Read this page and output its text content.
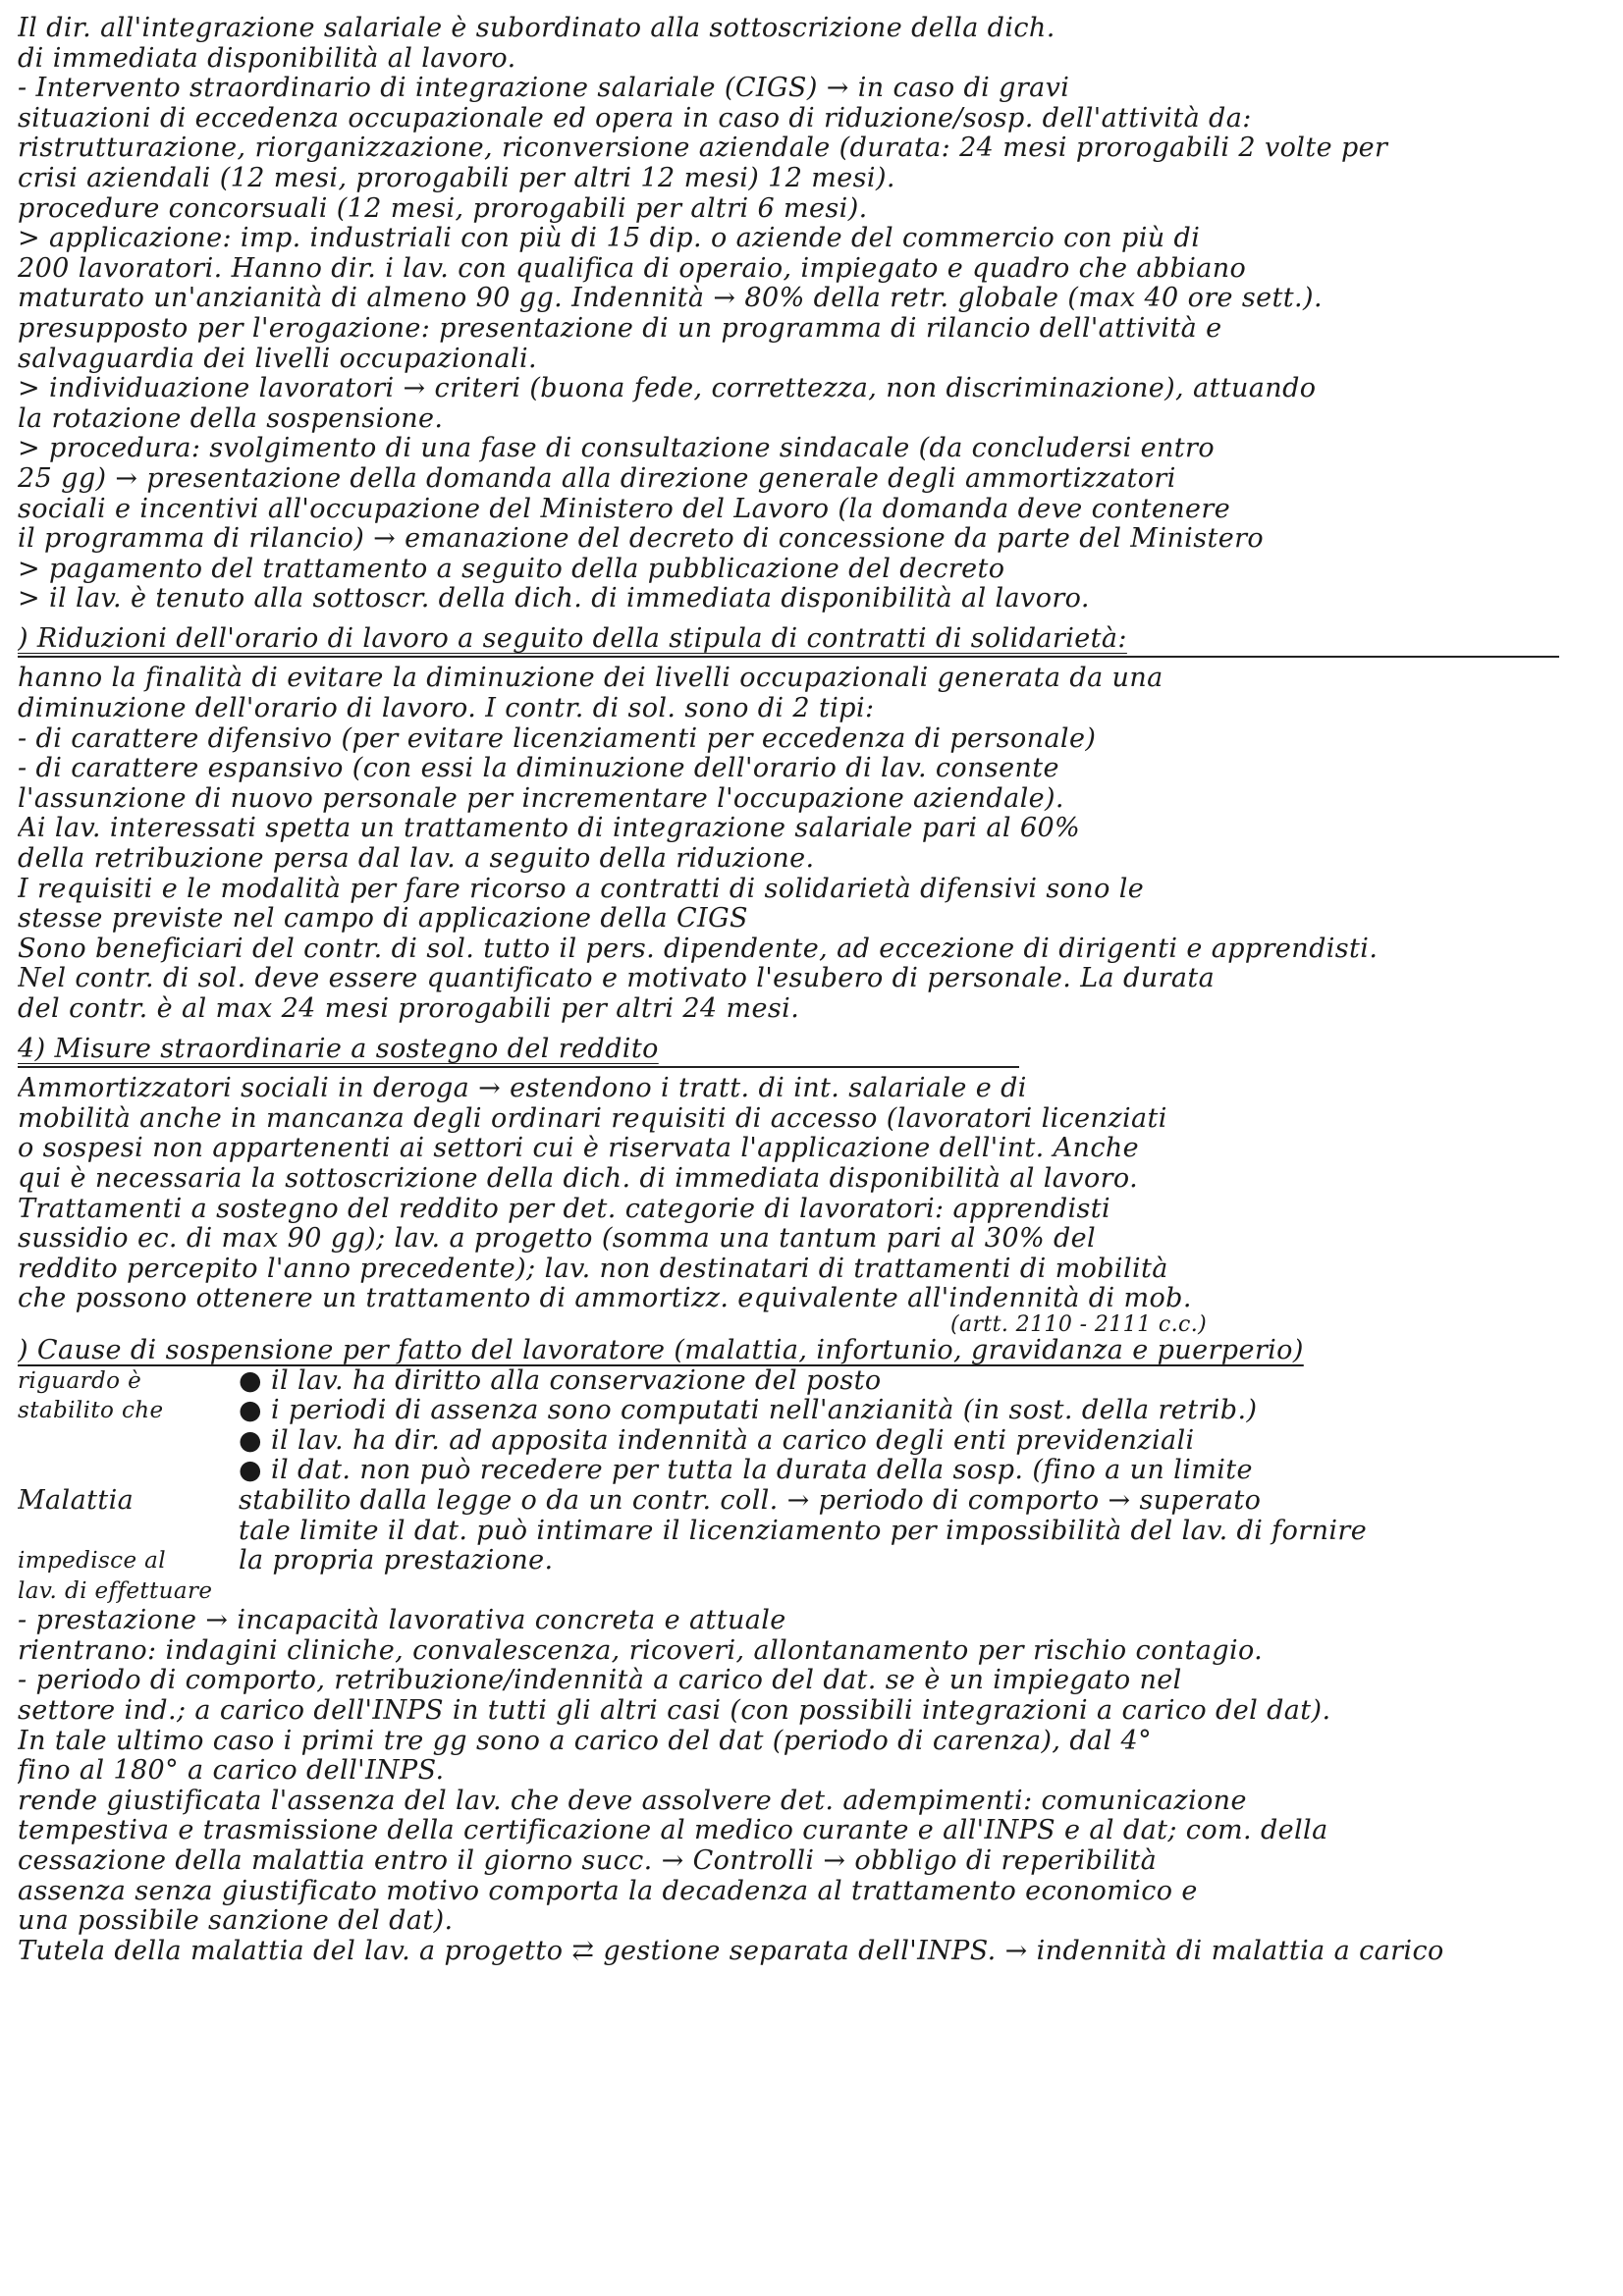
Il dir. all'integrazione salariale è subordinato alla sottoscrizione della dich.
di immediata disponibilità al lavoro.
- Intervento straordinario di integrazione salariale (CIGS) → in caso di gravi
situazioni di eccedenza occupazionale ed opera in caso di riduzione/sosp. dell'attività da:
ristrutturazione, riorganizzazione, riconversione aziendale (durata: 24 mesi prorogabili 2 volte per
crisi aziendali (12 mesi, prorogabili per altri 12 mesi) 12 mesi).
procedure concorsuali (12 mesi, prorogabili per altri 6 mesi).
> applicazione: imp. industriali con più di 15 dip. o aziende del commercio con più di
200 lavoratori. Hanno dir. i lav. con qualifica di operaio, impiegato e quadro che abbiano
maturato un'anzianità di almeno 90 gg. Indennità → 80% della retr. globale (max 40 ore sett.).
presupposto per l'erogazione: presentazione di un programma di rilancio dell'attività e
salvaguardia dei livelli occupazionali.
> individuazione lavoratori → criteri (buona fede, correttezza, non discriminazione), attuando
la rotazione della sospensione.
> procedura: svolgimento di una fase di consultazione sindacale (da concludersi entro
25 gg) → presentazione della domanda alla direzione generale degli ammortizzatori
sociali e incentivi all'occupazione del Ministero del Lavoro (la domanda deve contenere
il programma di rilancio) → emanazione del decreto di concessione da parte del Ministero
> pagamento del trattamento a seguito della pubblicazione del decreto
> il lav. è tenuto alla sottoscr. della dich. di immediata disponibilità al lavoro.
) Riduzioni dell'orario di lavoro a seguito della stipula di contratti di solidarietà:
hanno la finalità di evitare la diminuzione dei livelli occupazionali generata da una
diminuzione dell'orario di lavoro. I contr. di sol. sono di 2 tipi:
- di carattere difensivo (per evitare licenziamenti per eccedenza di personale)
- di carattere espansivo (con essi la diminuzione dell'orario di lav. consente
l'assunzione di nuovo personale per incrementare l'occupazione aziendale).
Ai lav. interessati spetta un trattamento di integrazione salariale pari al 60%
della retribuzione persa dal lav. a seguito della riduzione.
I requisiti e le modalità per fare ricorso a contratti di solidarietà difensivi sono le
stesse previste nel campo di applicazione della CIGS
Sono beneficiari del contr. di sol. tutto il pers. dipendente, ad eccezione di dirigenti e apprendisti.
Nel contr. di sol. deve essere quantificato e motivato l'esubero di personale. La durata
del contr. è al max 24 mesi prorogabili per altri 24 mesi.
4) Misure straordinarie a sostegno del reddito
Ammortizzatori sociali in deroga → estendono i tratt. di int. salariale e di
mobilità anche in mancanza degli ordinari requisiti di accesso (lavoratori licenziati
o sospesi non appartenenti ai settori cui è riservata l'applicazione dell'int. Anche
qui è necessaria la sottoscrizione della dich. di immediata disponibilità al lavoro.
Trattamenti a sostegno del reddito per det. categorie di lavoratori: apprendisti
sussidio ec. di max 90 gg); lav. a progetto (somma una tantum pari al 30% del
reddito percepito l'anno precedente); lav. non destinatari di trattamenti di mobilità
che possono ottenere un trattamento di ammortizz. equivalente all'indennità di mob.
(artt. 2110 - 2111 c.c.)
) Cause di sospensione per fatto del lavoratore (malattia, infortunio, gravidanza e puerperio)
riguardo è
stabilito che

Malattia

impedisce al
lav. di effettuare
● il lav. ha diritto alla conservazione del posto
● i periodi di assenza sono computati nell'anzianità (in sost. della retrib.)
● il lav. ha dir. ad apposita indennità a carico degli enti previdenziali
● il dat. non può recedere per tutta la durata della sosp. (fino a un limite
stabilito dalla legge o da un contr. coll. → periodo di comporto → superato
tale limite il dat. può intimare il licenziamento per impossibilità del lav. di fornire
la propria prestazione.

- prestazione → incapacità lavorativa concreta e attuale
rientrano: indagini cliniche, convalescenza, ricoveri, allontanamento per rischio contagio.
- periodo di comporto, retribuzione/indennità a carico del dat. se è un impiegato nel
settore ind.; a carico dell'INPS in tutti gli altri casi (con possibili integrazioni a carico del dat).
In tale ultimo caso i primi tre gg sono a carico del dat (periodo di carenza), dal 4°
fino al 180° a carico dell'INPS.
rende giustificata l'assenza del lav. che deve assolvere det. adempimenti: comunicazione
tempestiva e trasmissione della certificazione al medico curante e all'INPS e al dat; com. della
cessazione della malattia entro il giorno succ. → Controlli → obbligo di reperibilità
assenza senza giustificato motivo comporta la decadenza al trattamento economico e
una possibile sanzione del dat).
Tutela della malattia del lav. a progetto ⇄ gestione separata dell'INPS. → indennità di malattia a carico
